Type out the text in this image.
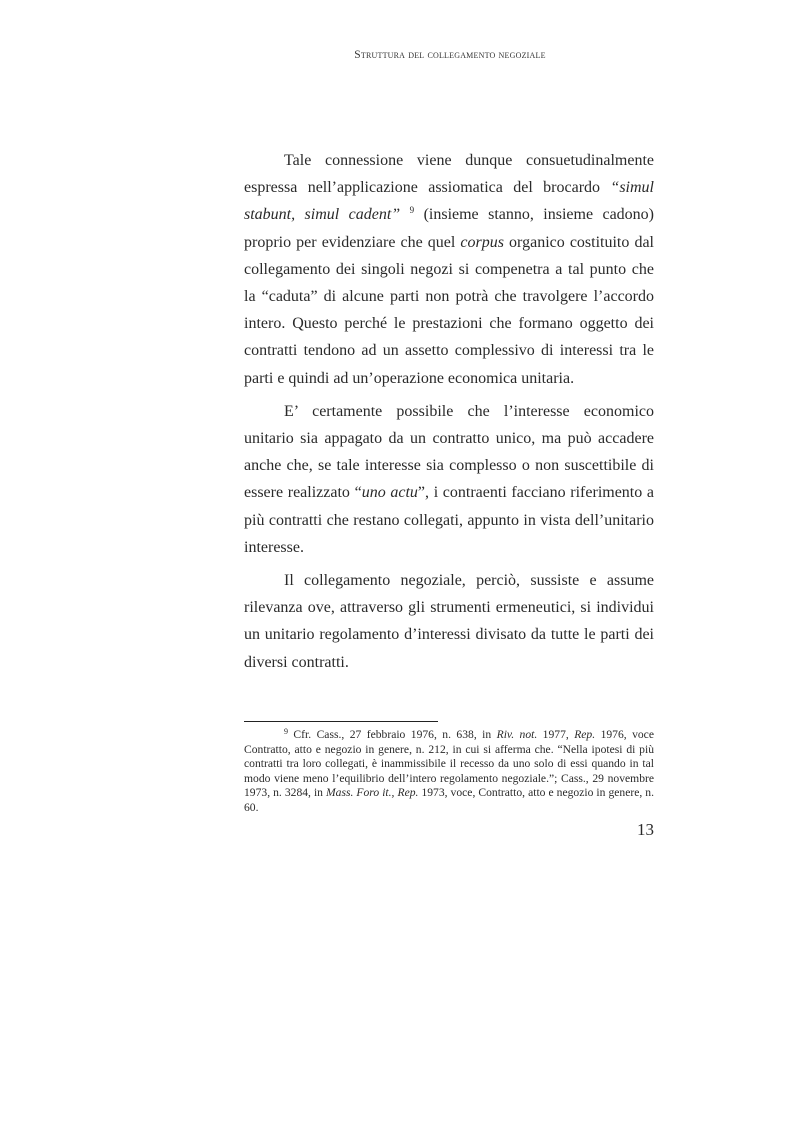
Struttura del collegamento negoziale

Tale connessione viene dunque consuetudinalmente espressa nell’applicazione assiomatica del brocardo “simul stabunt, simul cadent” $^9$ (insieme stanno, insieme cadono) proprio per evidenziare che quel corpus organico costituito dal collegamento dei singoli negozi si compenetra a tal punto che la “caduta” di alcune parti non potrà che travolgere l’accordo intero. Questo perché le prestazioni che formano oggetto dei contratti tendono ad un assetto complessivo di interessi tra le parti e quindi ad un’operazione economica unitaria.

E’ certamente possibile che l’interesse economico unitario sia appagato da un contratto unico, ma può accadere anche che, se tale interesse sia complesso o non suscettibile di essere realizzato “uno actu”, i contraenti facciano riferimento a più contratti che restano collegati, appunto in vista dell’unitario interesse.

Il collegamento negoziale, perciò, sussiste e assume rilevanza ove, attraverso gli strumenti ermeneutici, si individui un unitario regolamento d’interessi divisato da tutte le parti dei diversi contratti.

$^9$ Cfr. Cass., 27 febbraio 1976, n. 638, in Riv. not. 1977, Rep. 1976, voce Contratto, atto e negozio in genere, n. 212, in cui si afferma che. “Nella ipotesi di più contratti tra loro collegati, è inammissibile il recesso da uno solo di essi quando in tal modo viene meno l’equilibrio dell’intero regolamento negoziale.”; Cass., 29 novembre 1973, n. 3284, in Mass. Foro it., Rep. 1973, voce, Contratto, atto e negozio in genere, n. 60.
13
